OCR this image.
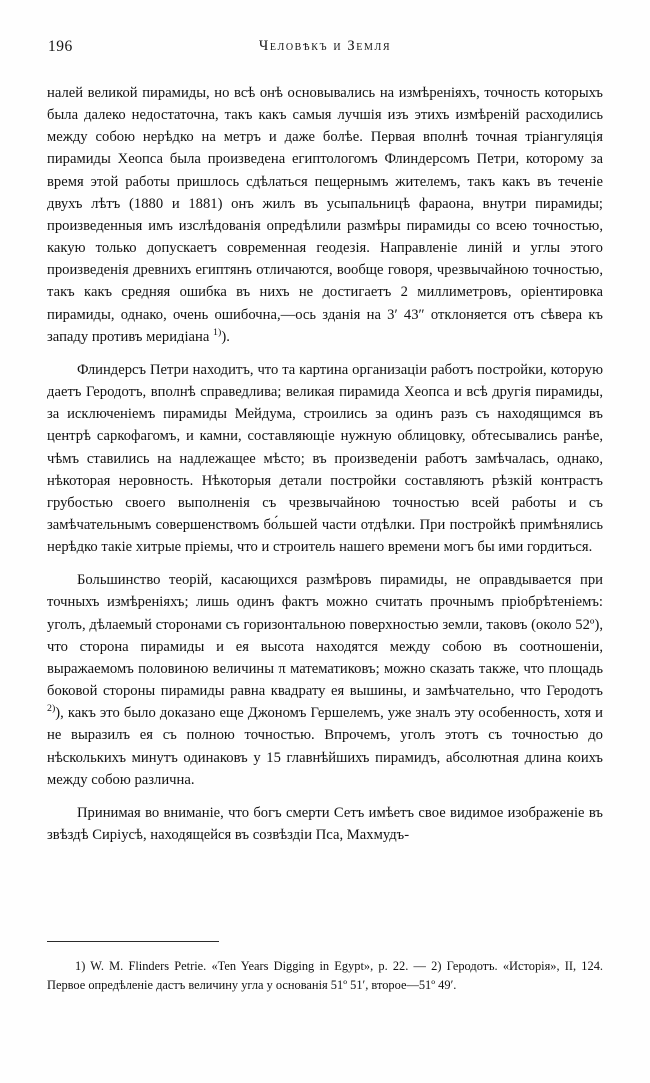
196	Человѣкъ и Земля

налей великой пирамиды, но всѣ онѣ основывались на измѣреніяхъ, точность которыхъ была далеко недостаточна, такъ какъ самыя лучшія изъ этихъ измѣреній расходились между собою нерѣдко на метръ и даже болѣе. Первая вполнѣ точная тріангуляція пирамиды Хеопса была произведена египтологомъ Флиндерсомъ Петри, которому за время этой работы пришлось сдѣлаться пещернымъ жителемъ, такъ какъ въ теченіе двухъ лѣтъ (1880 и 1881) онъ жилъ въ усыпальницѣ фараона, внутри пирамиды; произведенныя имъ изслѣдованія опредѣлили размѣры пирамиды со всею точностью, какую только допускаетъ современная геодезія. Направленіе линій и углы этого произведенія древнихъ египтянъ отличаются, вообще говоря, чрезвычайною точностью, такъ какъ средняя ошибка въ нихъ не достигаетъ 2 миллиметровъ, оріентировка пирамиды, однако, очень ошибочна,—ось зданія на 3′ 43″ отклоняется отъ сѣвера къ западу противъ меридіана $^{1)}$).

Флиндерсъ Петри находитъ, что та картина организаціи работъ постройки, которую даетъ Геродотъ, вполнѣ справедлива; великая пирамида Хеопса и всѣ другія пирамиды, за исключеніемъ пирамиды Мейдума, строились за одинъ разъ съ находящимся въ центрѣ саркофагомъ, и камни, составляющіе нужную облицовку, обтесывались ранѣе, чѣмъ ставились на надлежащее мѣсто; въ произведеніи работъ замѣчалась, однако, нѣкоторая неровность. Нѣкоторыя детали постройки составляютъ рѣзкій контрастъ грубостью своего выполненія съ чрезвычайною точностью всей работы и съ замѣчательнымъ совершенствомъ бо́льшей части отдѣлки. При постройкѣ примѣнялись нерѣдко такіе хитрые пріемы, что и строитель нашего времени могъ бы ими гордиться.

Большинство теорій, касающихся размѣровъ пирамиды, не оправдывается при точныхъ измѣреніяхъ; лишь одинъ фактъ можно считать прочнымъ пріобрѣтеніемъ: уголъ, дѣлаемый сторонами съ горизонтальною поверхностью земли, таковъ (около 52º), что сторона пирамиды и ея высота находятся между собою въ соотношеніи, выражаемомъ половиною величины π математиковъ; можно сказать также, что площадь боковой стороны пирамиды равна квадрату ея вышины, и замѣчательно, что Геродотъ $^{2)}$), какъ это было доказано еще Джономъ Гершелемъ, уже зналъ эту особенность, хотя и не выразилъ ея съ полною точностью. Впрочемъ, уголъ этотъ съ точностью до нѣсколькихъ минутъ одинаковъ у 15 главнѣйшихъ пирамидъ, абсолютная длина коихъ между собою различна.

Принимая во вниманіе, что богъ смерти Сетъ имѣетъ свое видимое изображеніе въ звѣздѣ Сиріусѣ, находящейся въ созвѣздіи Пса, Махмудъ-

1) W. M. Flinders Petrie. «Ten Years Digging in Egypt», p. 22. — 2) Геродотъ. «Исторія», II, 124. Первое опредѣленіе дастъ величину угла у основанія 51º 51′, второе—51º 49′.
